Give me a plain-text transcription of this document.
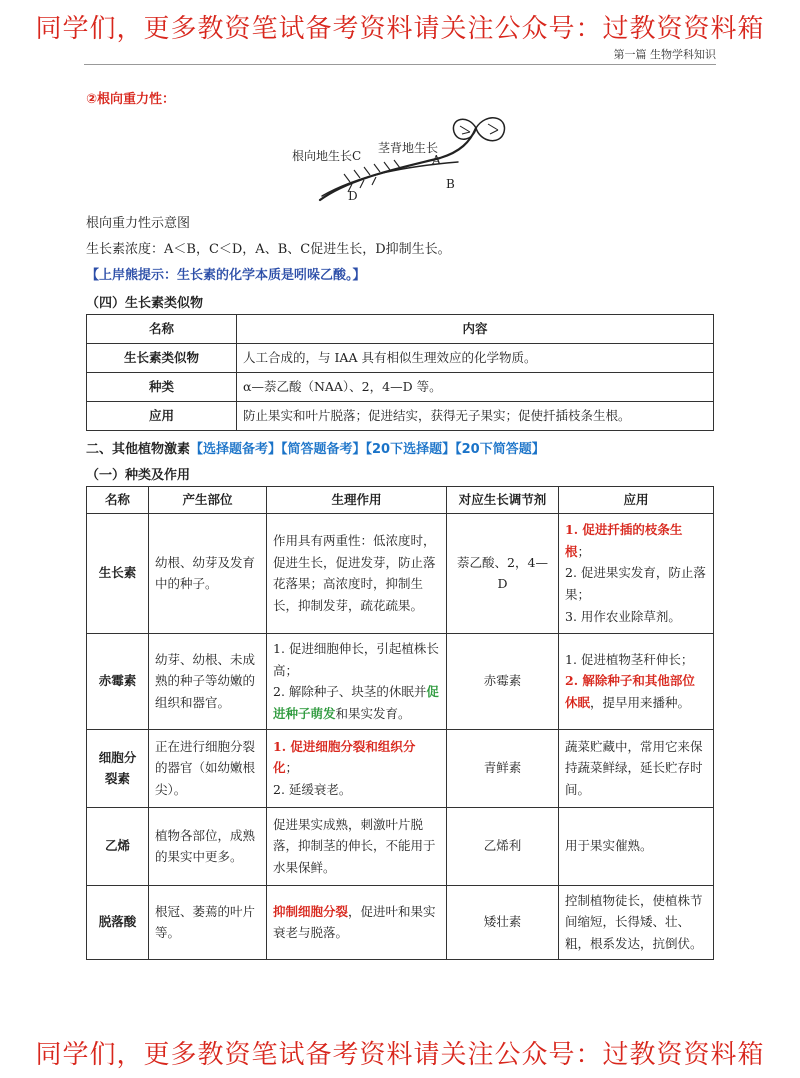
同学们，更多教资笔试备考资料请关注公众号：过教资资料箱
第一篇 生物学科知识
②根向重力性：
根向地生长C
茎背地生长
A
B
D
根向重力性示意图
生长素浓度：A＜B，C＜D，A、B、C促进生长，D抑制生长。
【上岸熊提示：生长素的化学本质是吲哚乙酸。】
（四）生长素类似物
名称	内容
生长素类似物	人工合成的，与 IAA 具有相似生理效应的化学物质。
种类	α—萘乙酸（NAA）、2，4—D 等。
应用	防止果实和叶片脱落；促进结实，获得无子果实；促使扦插枝条生根。
二、其他植物激素【选择题备考】【简答题备考】【20下选择题】【20下简答题】
（一）种类及作用
名称	产生部位	生理作用	对应生长调节剂	应用
生长素	幼根、幼芽及发育中的种子。	作用具有两重性：低浓度时，促进生长，促进发芽，防止落花落果；高浓度时，抑制生长，抑制发芽，疏花疏果。	萘乙酸、2，4—D	1. 促进扦插的枝条生根；
2. 促进果实发育，防止落果；
3. 用作农业除草剂。
赤霉素	幼芽、幼根、未成熟的种子等幼嫩的组织和器官。	1. 促进细胞伸长，引起植株长高；
2. 解除种子、块茎的休眠并促进种子萌发和果实发育。	赤霉素	1. 促进植物茎秆伸长；
2. 解除种子和其他部位休眠，提早用来播种。
细胞分裂素	正在进行细胞分裂的器官（如幼嫩根尖）。	1. 促进细胞分裂和组织分化；
2. 延缓衰老。	青鲜素	蔬菜贮藏中，常用它来保持蔬菜鲜绿，延长贮存时间。
乙烯	植物各部位，成熟的果实中更多。	促进果实成熟，刺激叶片脱落，抑制茎的伸长，不能用于水果保鲜。	乙烯利	用于果实催熟。
脱落酸	根冠、萎蔫的叶片等。	抑制细胞分裂，促进叶和果实衰老与脱落。	矮壮素	控制植物徒长，使植株节间缩短，长得矮、壮、粗，根系发达，抗倒伏。
同学们，更多教资笔试备考资料请关注公众号：过教资资料箱
